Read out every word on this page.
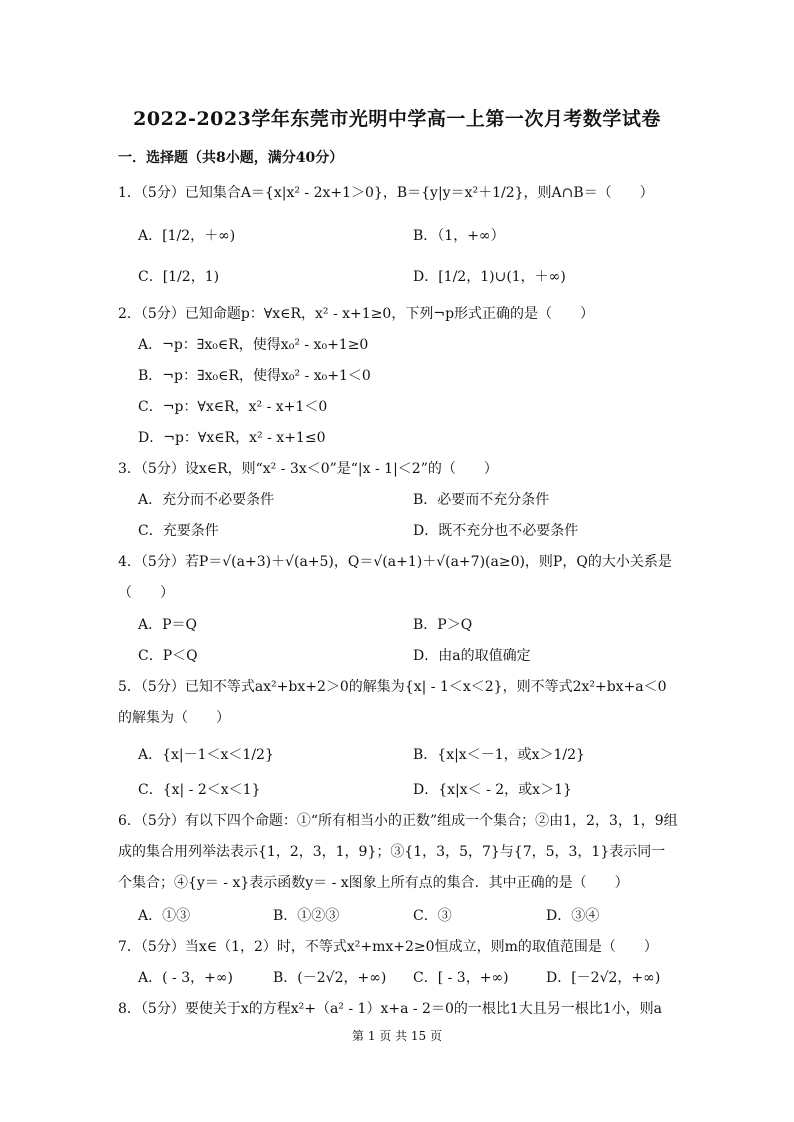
2022-2023学年东莞市光明中学高一上第一次月考数学试卷
一．选择题（共8小题，满分40分）
1．（5分）已知集合A＝{x|x² - 2x+1＞0}，B＝{y|y＝x²＋1/2}，则A∩B＝（　　）
A．[1/2，＋∞)	B．（1，+∞）
C．[1/2，1)	D．[1/2，1)∪(1，＋∞)
2．（5分）已知命题p：∀x∈R，x² - x+1≥0，下列¬p形式正确的是（　　）
A．¬p：∃x₀∈R，使得x₀² - x₀+1≥0
B．¬p：∃x₀∈R，使得x₀² - x₀+1＜0
C．¬p：∀x∈R，x² - x+1＜0
D．¬p：∀x∈R，x² - x+1≤0
3．（5分）设x∈R，则“x² - 3x＜0”是“|x - 1|＜2”的（　　）
A．充分而不必要条件	B．必要而不充分条件
C．充要条件	D．既不充分也不必要条件
4．（5分）若P＝√(a+3)＋√(a+5)，Q＝√(a+1)＋√(a+7)(a≥0)，则P，Q的大小关系是（　　）
A．P＝Q	B．P＞Q
C．P＜Q	D．由a的取值确定
5．（5分）已知不等式ax²+bx+2＞0的解集为{x| - 1＜x＜2}，则不等式2x²+bx+a＜0的解集为（　　）
A．{x|－1＜x＜1/2}	B．{x|x＜－1，或x＞1/2}
C．{x| - 2＜x＜1}	D．{x|x＜ - 2，或x＞1}
6．（5分）有以下四个命题：①“所有相当小的正数”组成一个集合；②由1，2，3，1，9组成的集合用列举法表示{1，2，3，1，9}；③{1，3，5，7}与{7，5，3，1}表示同一个集合；④{y＝ - x}表示函数y＝ - x图象上所有点的集合．其中正确的是（　　）
A．①③	B．①②③	C．③	D．③④
7．（5分）当x∈（1，2）时，不等式x²+mx+2≥0恒成立，则m的取值范围是（　　）
A．( - 3，+∞)	B．(－2√2，+∞) C．[ - 3，+∞)	D．[－2√2，+∞)
8．（5分）要使关于x的方程x²+（a² - 1）x+a - 2＝0的一根比1大且另一根比1小，则a
第 1 页 共 15 页
